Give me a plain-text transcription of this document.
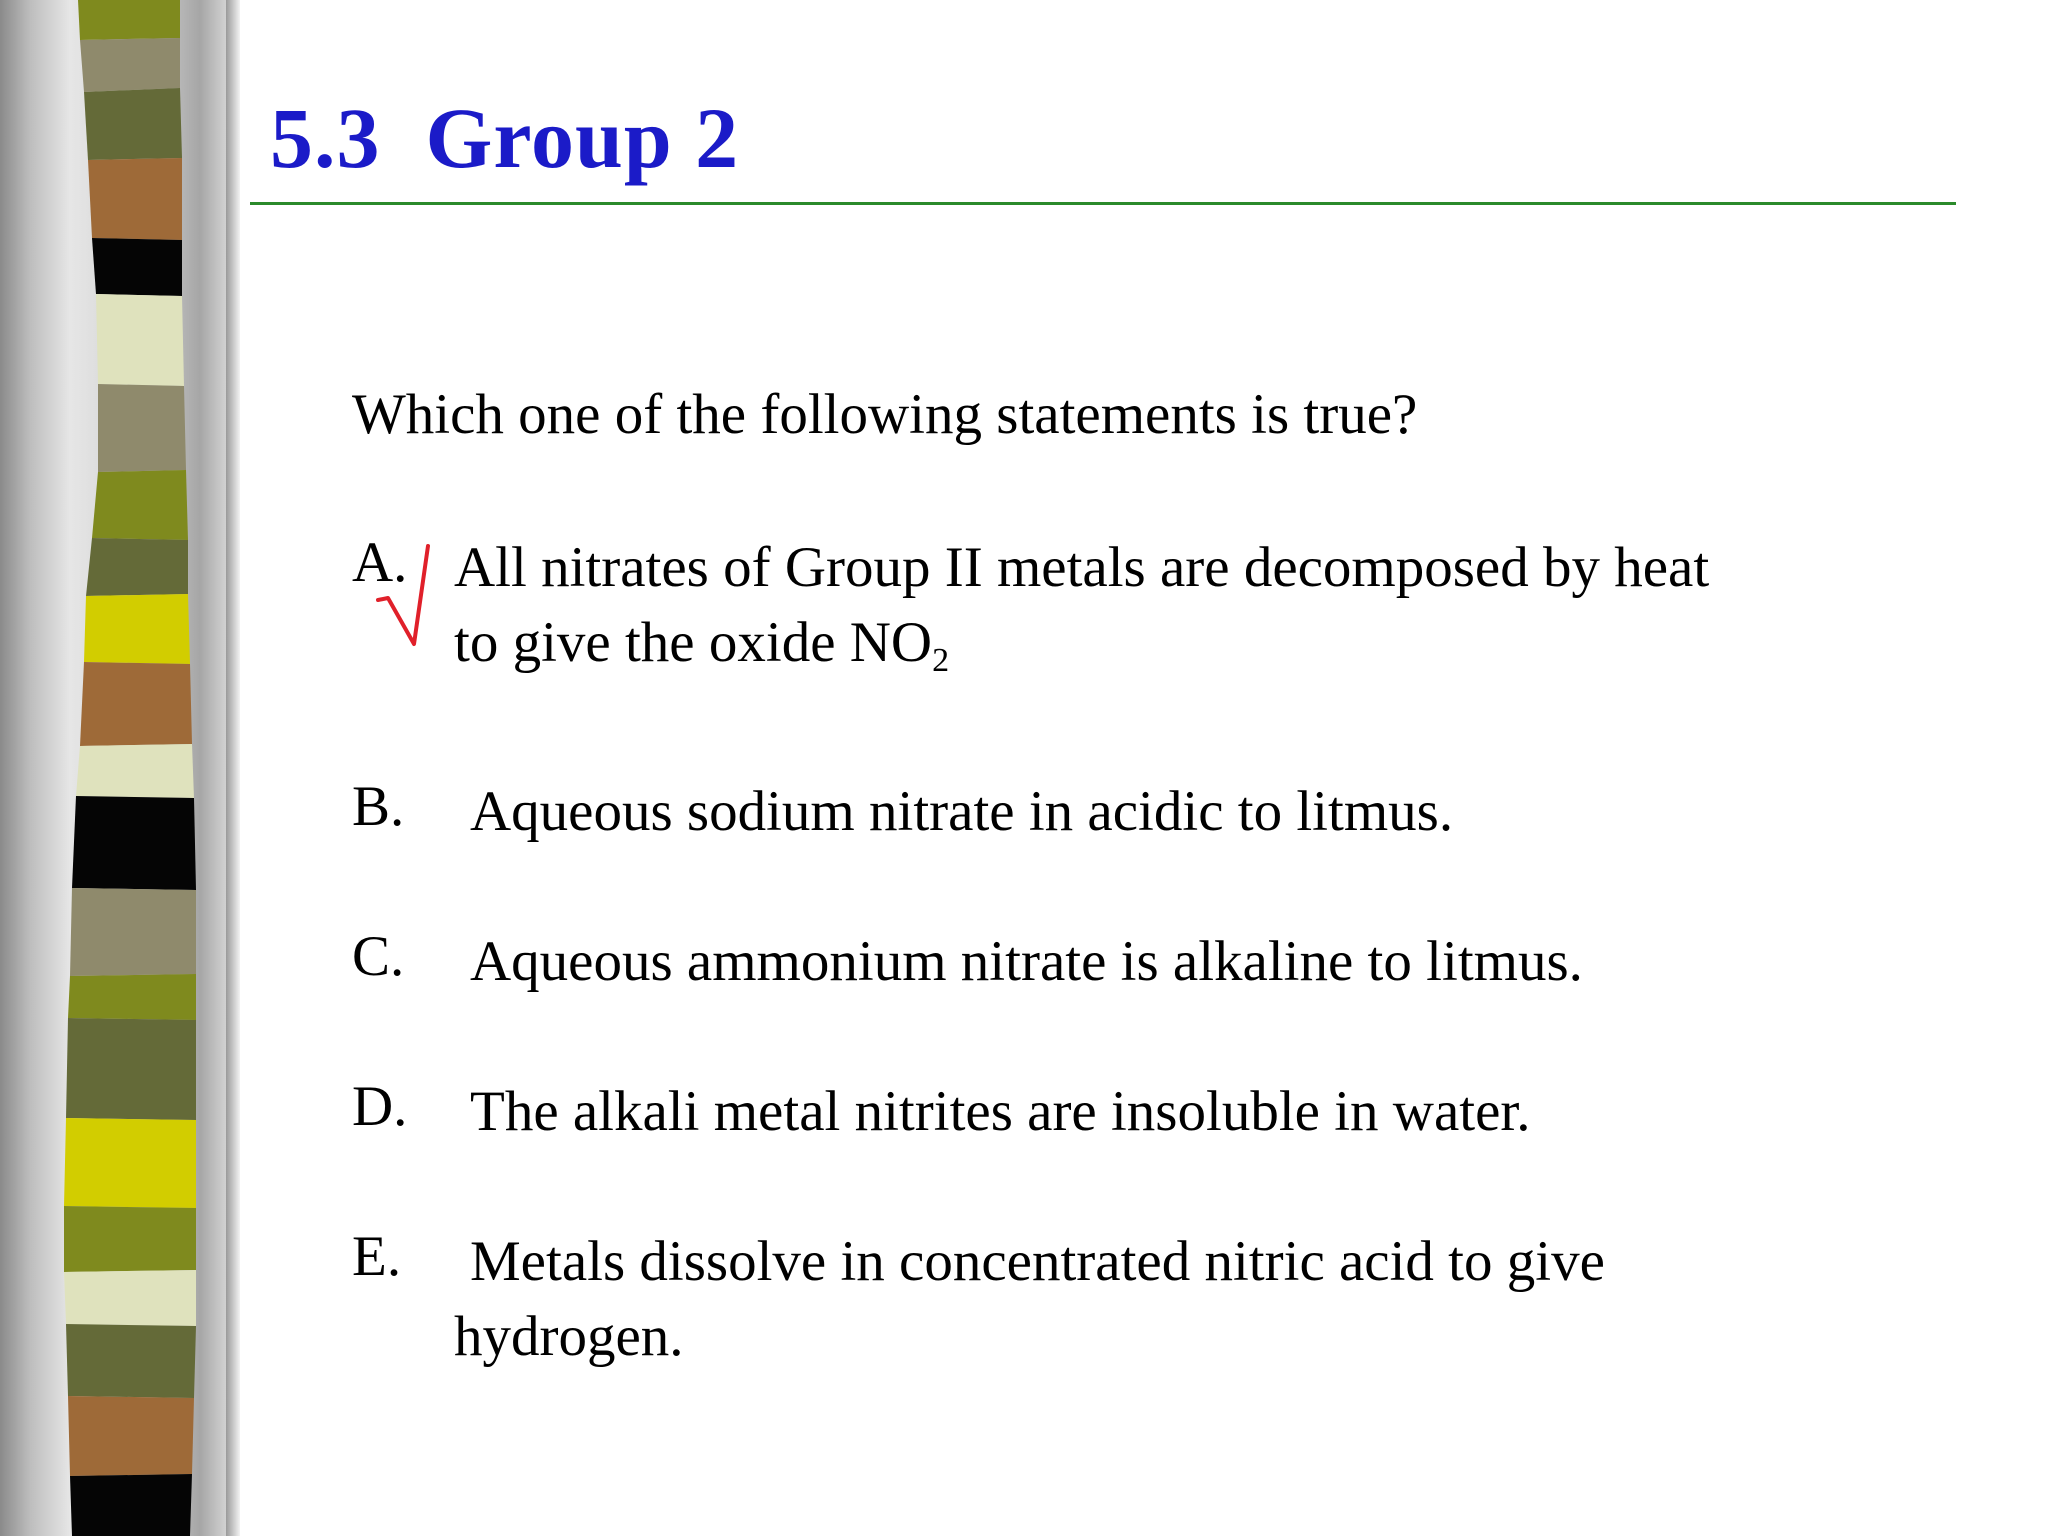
5.3  Group 2

Which one of the following statements is true?

A. All nitrates of Group II metals are decomposed by heat
to give the oxide $NO_2$
B. Aqueous sodium nitrate in acidic to litmus.
C. Aqueous ammonium nitrate is alkaline to litmus.
D. The alkali metal nitrites are insoluble in water.
E. Metals dissolve in concentrated nitric acid to give
hydrogen.
